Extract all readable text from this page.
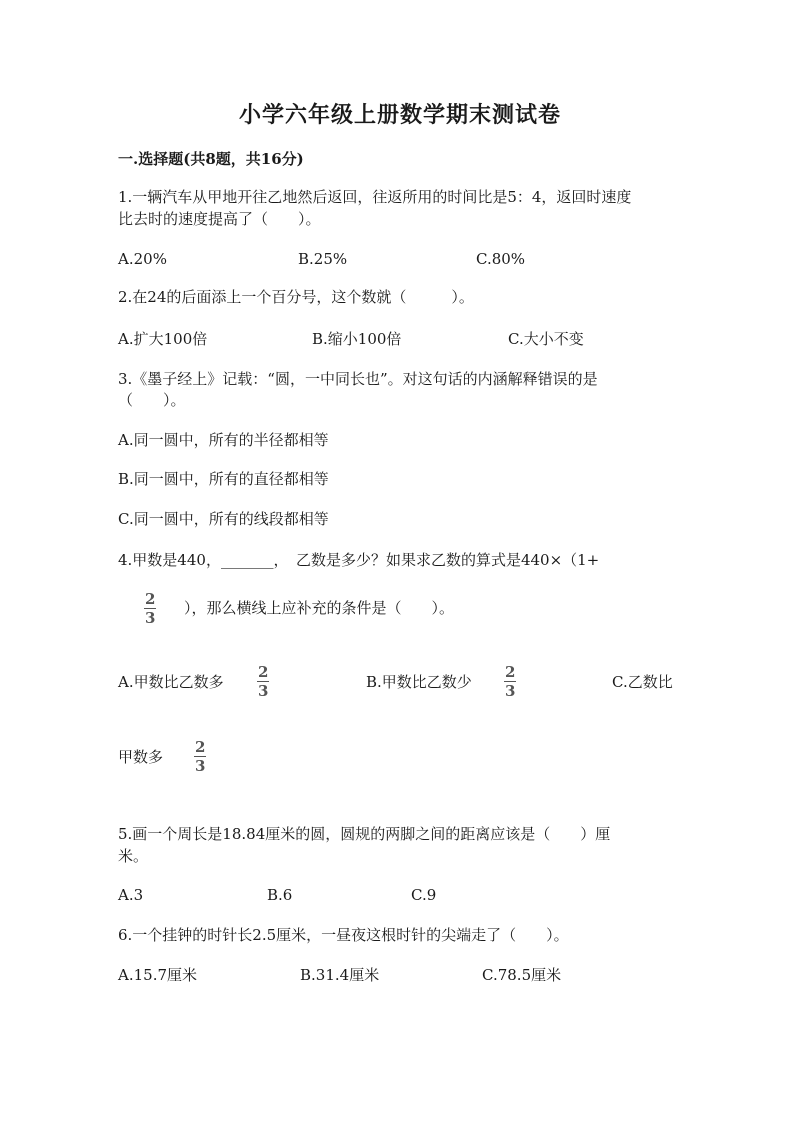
小学六年级上册数学期末测试卷
一.选择题(共8题，共16分)
1.一辆汽车从甲地开往乙地然后返回，往返所用的时间比是5：4，返回时速度
比去时的速度提高了（　　）。
A.20%	B.25%	C.80%
2.在24的后面添上一个百分号，这个数就（　　　）。
A.扩大100倍	B.缩小100倍	C.大小不变
3.《墨子经上》记载：“圆，一中同长也”。对这句话的内涵解释错误的是
（　　）。
A.同一圆中，所有的半径都相等
B.同一圆中，所有的直径都相等
C.同一圆中，所有的线段都相等
4.甲数是440，_______，　乙数是多少？如果求乙数的算式是440×（1+
2
3
），那么横线上应补充的条件是（　　）。
A.甲数比乙数多
2
3	B.甲数比乙数少
2
3	C.乙数比
甲数多
2
3
5.画一个周长是18.84厘米的圆，圆规的两脚之间的距离应该是（　　）厘
米。
A.3	B.6	C.9
6.一个挂钟的时针长2.5厘米，一昼夜这根时针的尖端走了（　　）。
A.15.7厘米	B.31.4厘米	C.78.5厘米
